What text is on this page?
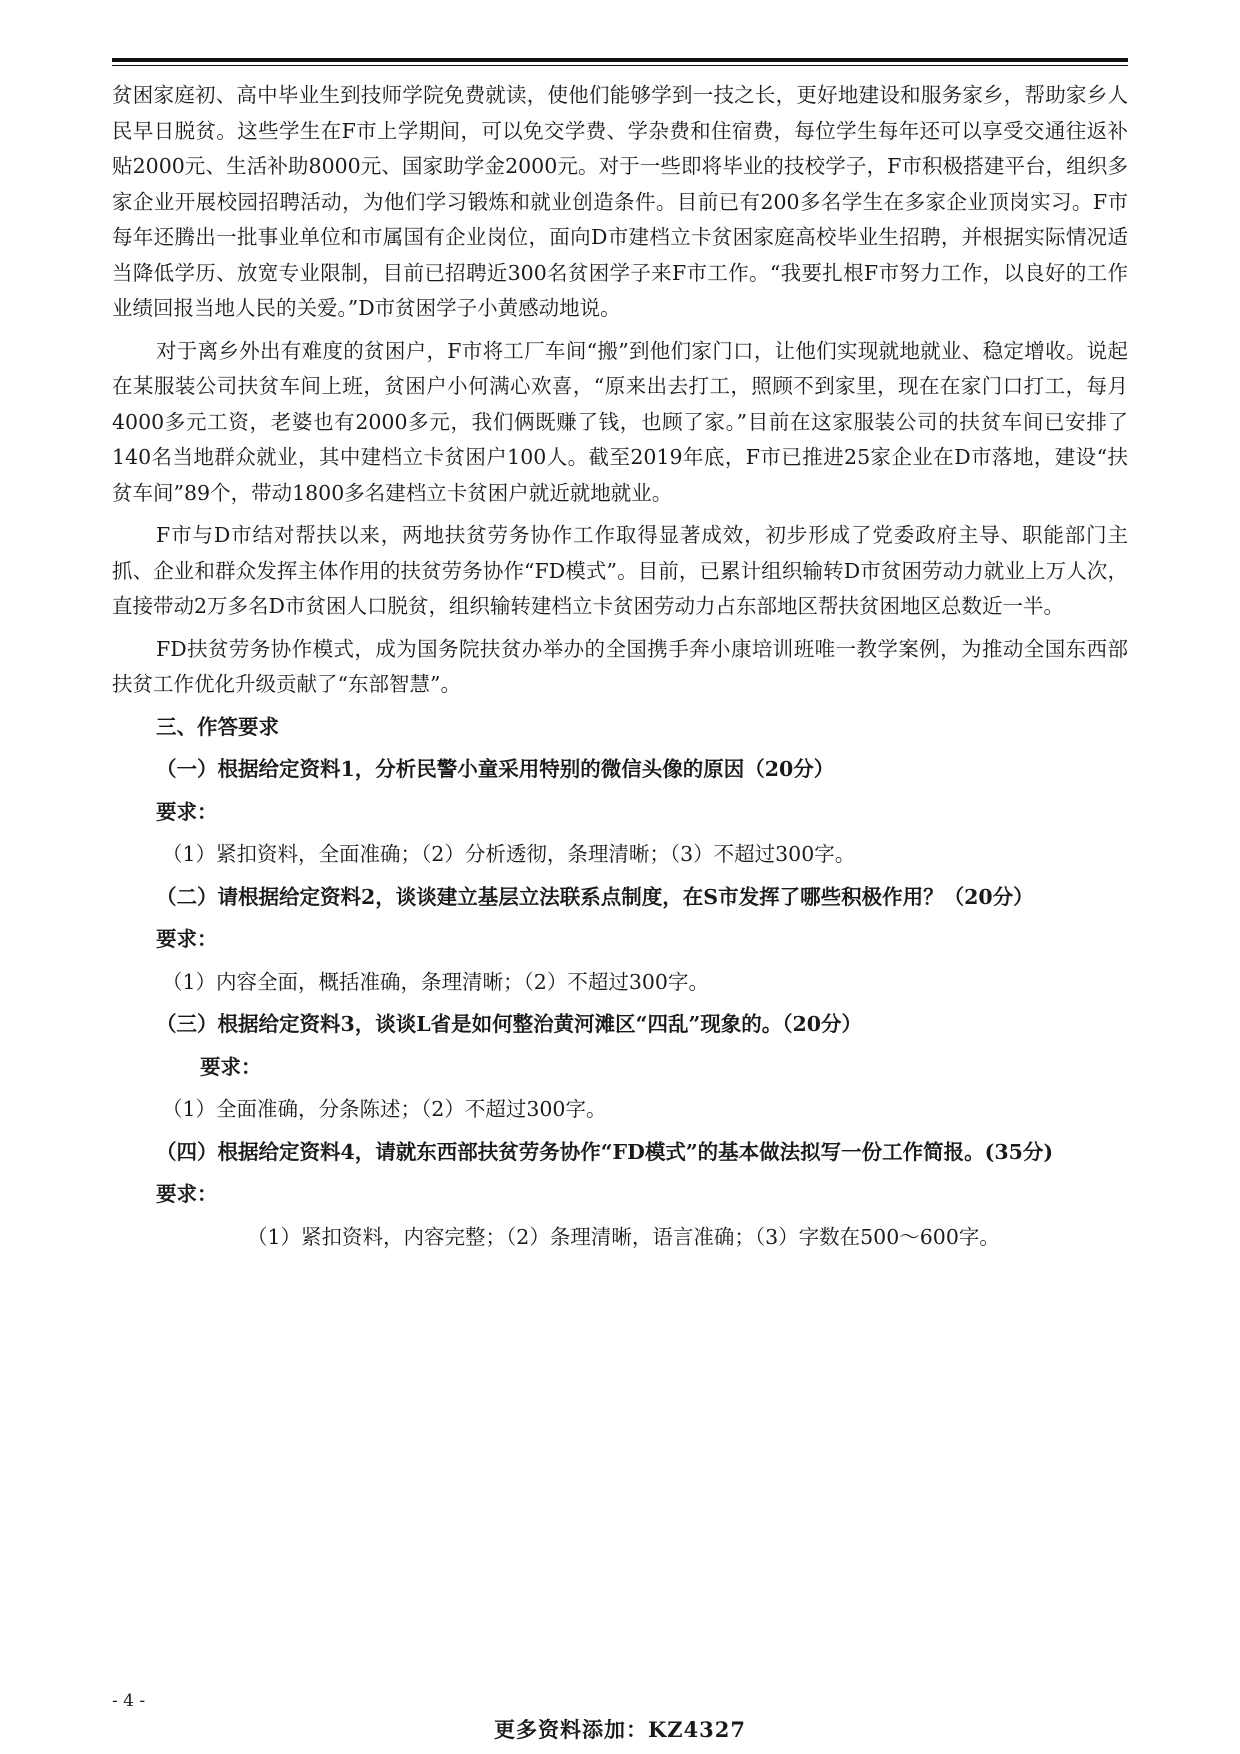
贫困家庭初、高中毕业生到技师学院免费就读，使他们能够学到一技之长，更好地建设和服务家乡，帮助家乡人民早日脱贫。这些学生在F市上学期间，可以免交学费、学杂费和住宿费，每位学生每年还可以享受交通往返补贴2000元、生活补助8000元、国家助学金2000元。对于一些即将毕业的技校学子，F市积极搭建平台，组织多家企业开展校园招聘活动，为他们学习锻炼和就业创造条件。目前已有200多名学生在多家企业顶岗实习。F市每年还腾出一批事业单位和市属国有企业岗位，面向D市建档立卡贫困家庭高校毕业生招聘，并根据实际情况适当降低学历、放宽专业限制，目前已招聘近300名贫困学子来F市工作。“我要扎根F市努力工作，以良好的工作业绩回报当地人民的关爱。”D市贫困学子小黄感动地说。

对于离乡外出有难度的贫困户，F市将工厂车间“搬”到他们家门口，让他们实现就地就业、稳定增收。说起在某服装公司扶贫车间上班，贫困户小何满心欢喜，“原来出去打工，照顾不到家里，现在在家门口打工，每月4000多元工资，老婆也有2000多元，我们俩既赚了钱，也顾了家。”目前在这家服装公司的扶贫车间已安排了140名当地群众就业，其中建档立卡贫困户100人。截至2019年底，F市已推进25家企业在D市落地，建设“扶贫车间”89个，带动1800多名建档立卡贫困户就近就地就业。

F市与D市结对帮扶以来，两地扶贫劳务协作工作取得显著成效，初步形成了党委政府主导、职能部门主抓、企业和群众发挥主体作用的扶贫劳务协作“FD模式”。目前，已累计组织输转D市贫困劳动力就业上万人次，直接带动2万多名D市贫困人口脱贫，组织输转建档立卡贫困劳动力占东部地区帮扶贫困地区总数近一半。

FD扶贫劳务协作模式，成为国务院扶贫办举办的全国携手奔小康培训班唯一教学案例，为推动全国东西部扶贫工作优化升级贡献了“东部智慧”。

三、作答要求
（一）根据给定资料1，分析民警小童采用特别的微信头像的原因（20分）
要求：
（1）紧扣资料，全面准确；（2）分析透彻，条理清晰；（3）不超过300字。
（二）请根据给定资料2，谈谈建立基层立法联系点制度，在S市发挥了哪些积极作用？（20分）
要求：
（1）内容全面，概括准确，条理清晰；（2）不超过300字。
（三）根据给定资料3，谈谈L省是如何整治黄河滩区“四乱”现象的。（20分）
要求：
（1）全面准确，分条陈述；（2）不超过300字。
（四）根据给定资料4，请就东西部扶贫劳务协作“FD模式”的基本做法拟写一份工作简报。(35分)
要求：
（1）紧扣资料，内容完整；（2）条理清晰，语言准确；（3）字数在500～600字。
- 4 -
更多资料添加：KZ4327
